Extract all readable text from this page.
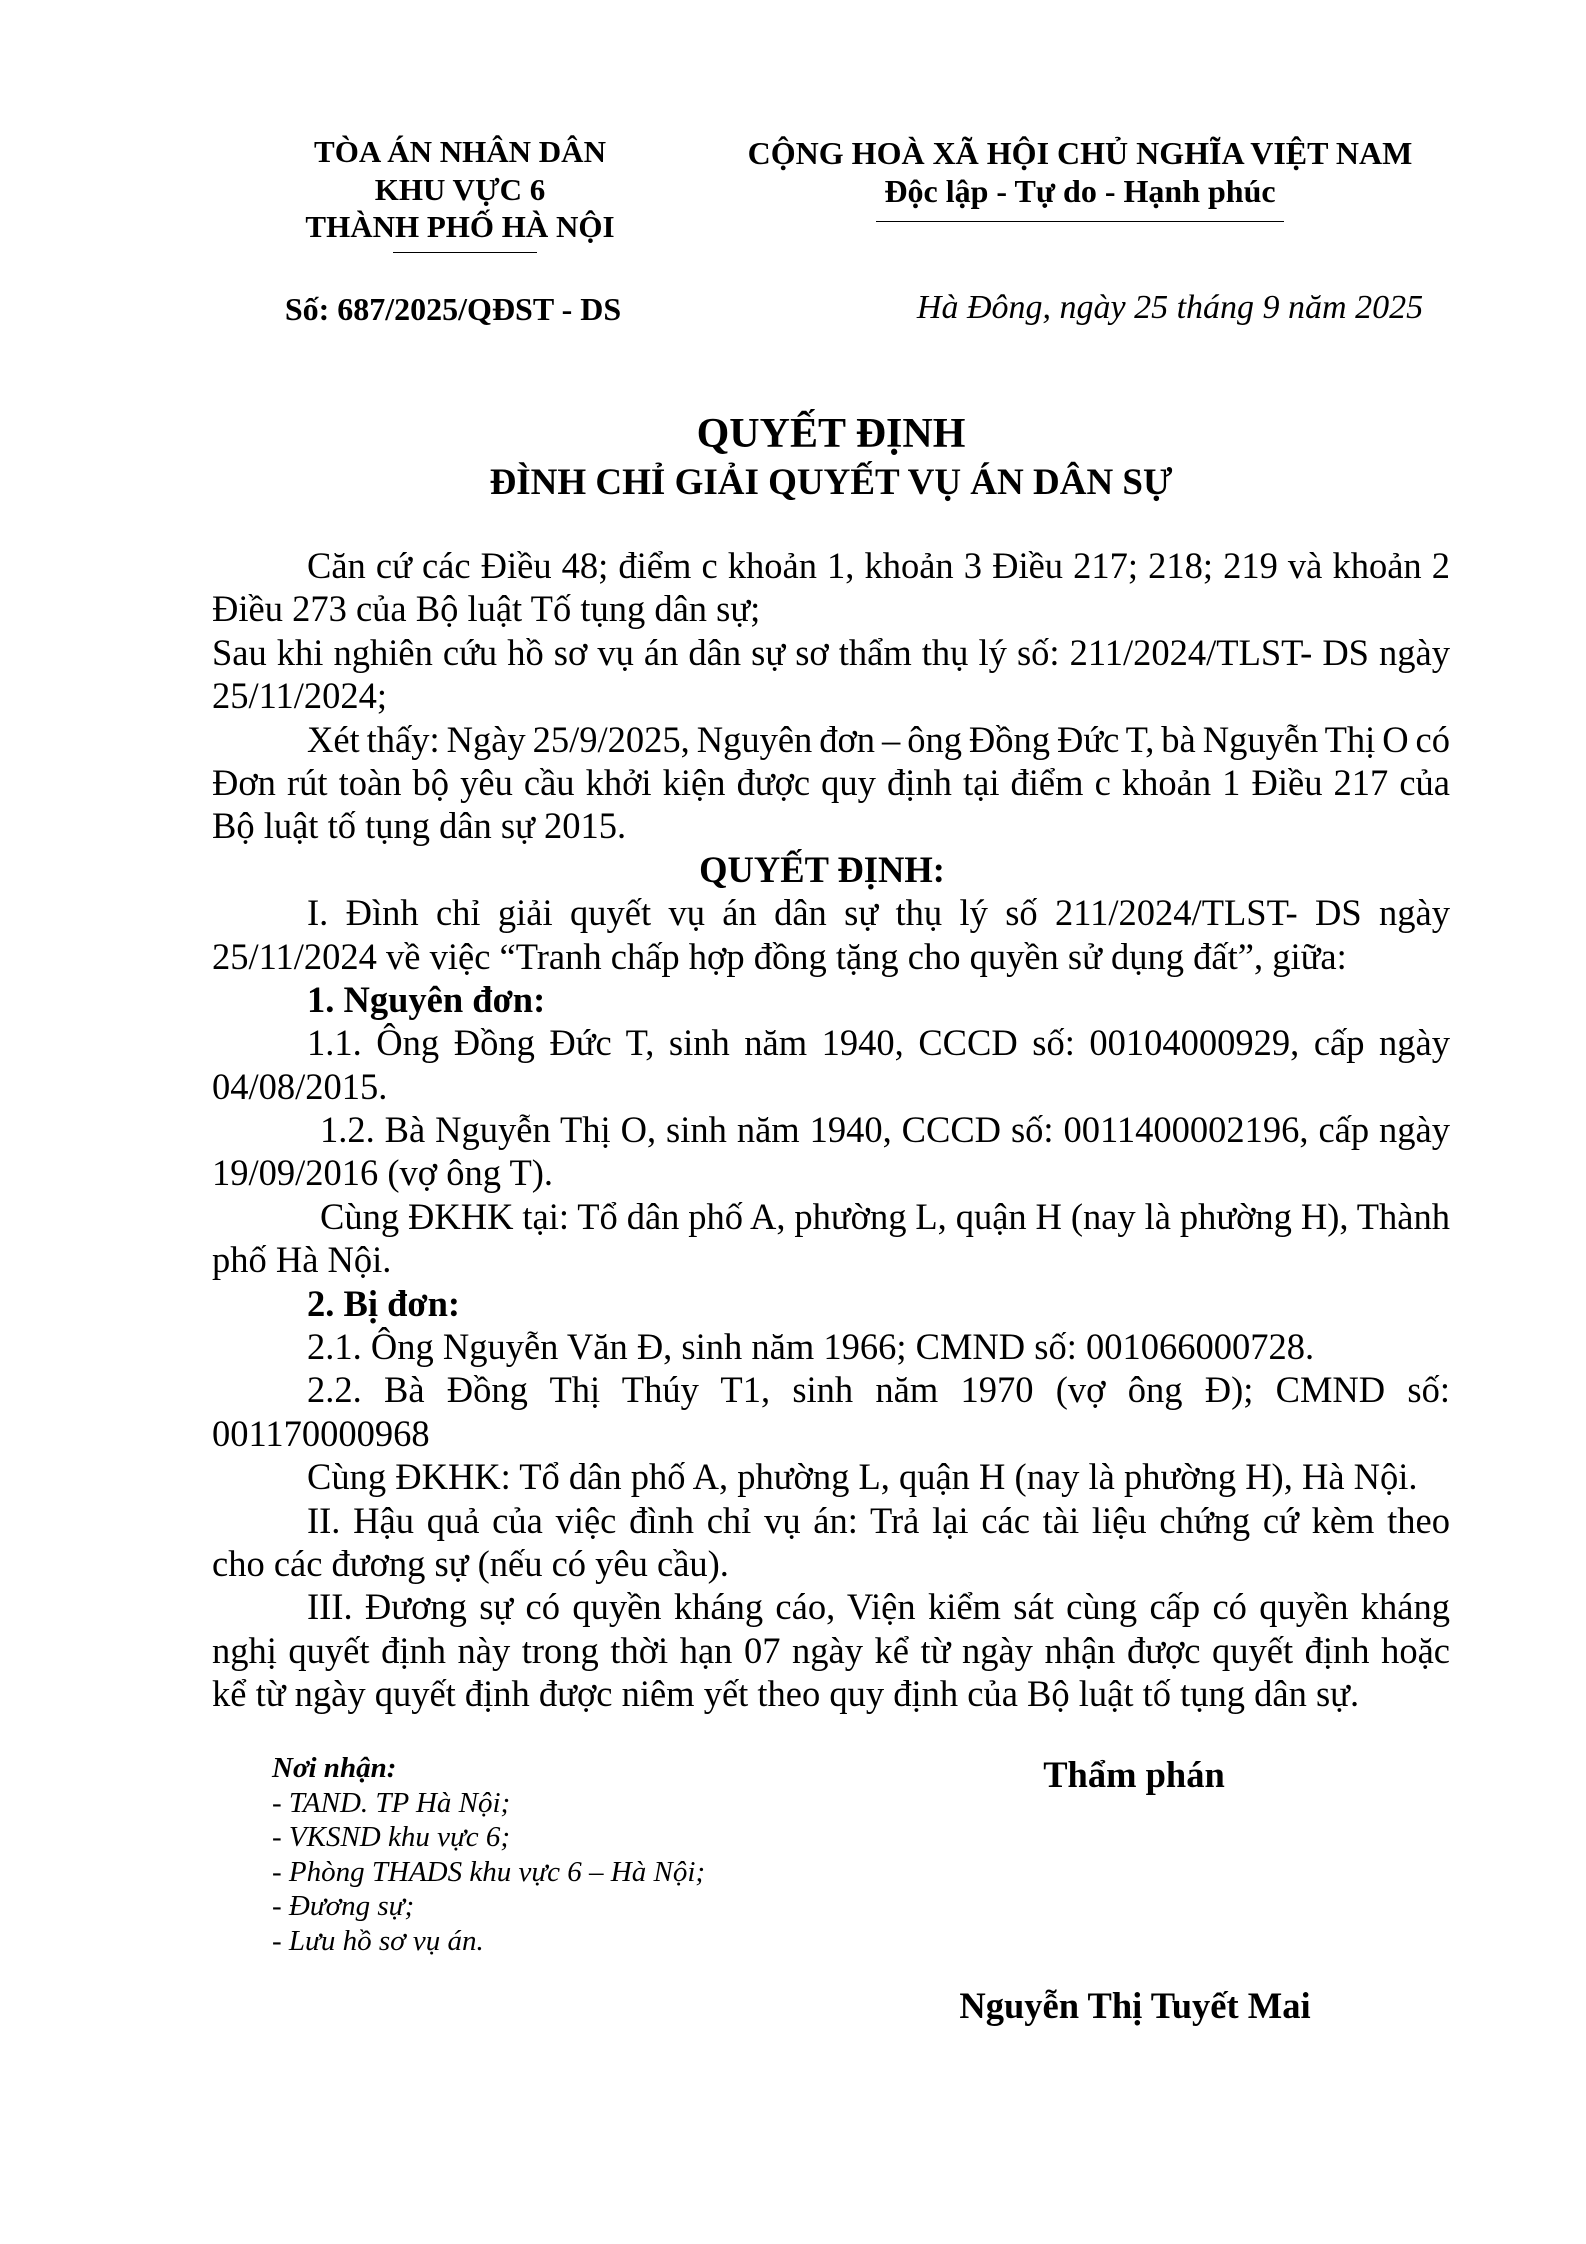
TÒA ÁN NHÂN DÂN
KHU VỰC 6
THÀNH PHỐ HÀ NỘI
CỘNG HOÀ XÃ HỘI CHỦ NGHĨA VIỆT NAM
Độc lập - Tự do - Hạnh phúc
Số: 687/2025/QĐST - DS	Hà Đông, ngày 25 tháng 9 năm 2025
QUYẾT ĐỊNH
ĐÌNH CHỈ GIẢI QUYẾT VỤ ÁN DÂN SỰ
Căn cứ các Điều 48; điểm c khoản 1, khoản 3 Điều 217; 218; 219 và khoản 2
Điều 273 của Bộ luật Tố tụng dân sự;
Sau khi nghiên cứu hồ sơ vụ án dân sự sơ thẩm thụ lý số: 211/2024/TLST- DS ngày
25/11/2024;
Xét thấy: Ngày 25/9/2025, Nguyên đơn – ông Đồng Đức T, bà Nguyễn Thị O có
Đơn rút toàn bộ yêu cầu khởi kiện được quy định tại điểm c khoản 1 Điều 217 của
Bộ luật tố tụng dân sự 2015.
QUYẾT ĐỊNH:
I. Đình chỉ giải quyết vụ án dân sự thụ lý số 211/2024/TLST- DS ngày
25/11/2024 về việc “Tranh chấp hợp đồng tặng cho quyền sử dụng đất”, giữa:
1. Nguyên đơn:
1.1. Ông Đồng Đức T, sinh năm 1940, CCCD số: 00104000929, cấp ngày
04/08/2015.
1.2. Bà Nguyễn Thị O, sinh năm 1940, CCCD số: 0011400002196, cấp ngày
19/09/2016 (vợ ông T).
Cùng ĐKHK tại: Tổ dân phố A, phường L, quận H (nay là phường H), Thành
phố Hà Nội.
2. Bị đơn:
2.1. Ông Nguyễn Văn Đ, sinh năm 1966; CMND số: 001066000728.
2.2. Bà Đồng Thị Thúy T1, sinh năm 1970 (vợ ông Đ); CMND số:
001170000968
Cùng ĐKHK: Tổ dân phố A, phường L, quận H (nay là phường H), Hà Nội.
II. Hậu quả của việc đình chỉ vụ án: Trả lại các tài liệu chứng cứ kèm theo
cho các đương sự (nếu có yêu cầu).
III. Đương sự có quyền kháng cáo, Viện kiểm sát cùng cấp có quyền kháng
nghị quyết định này trong thời hạn 07 ngày kể từ ngày nhận được quyết định hoặc
kể từ ngày quyết định được niêm yết theo quy định của Bộ luật tố tụng dân sự.
Nơi nhận:
- TAND. TP Hà Nội;
- VKSND khu vực 6;
- Phòng THADS khu vực 6 – Hà Nội;
- Đương sự;
- Lưu hồ sơ vụ án.
Thẩm phán
Nguyễn Thị Tuyết Mai
